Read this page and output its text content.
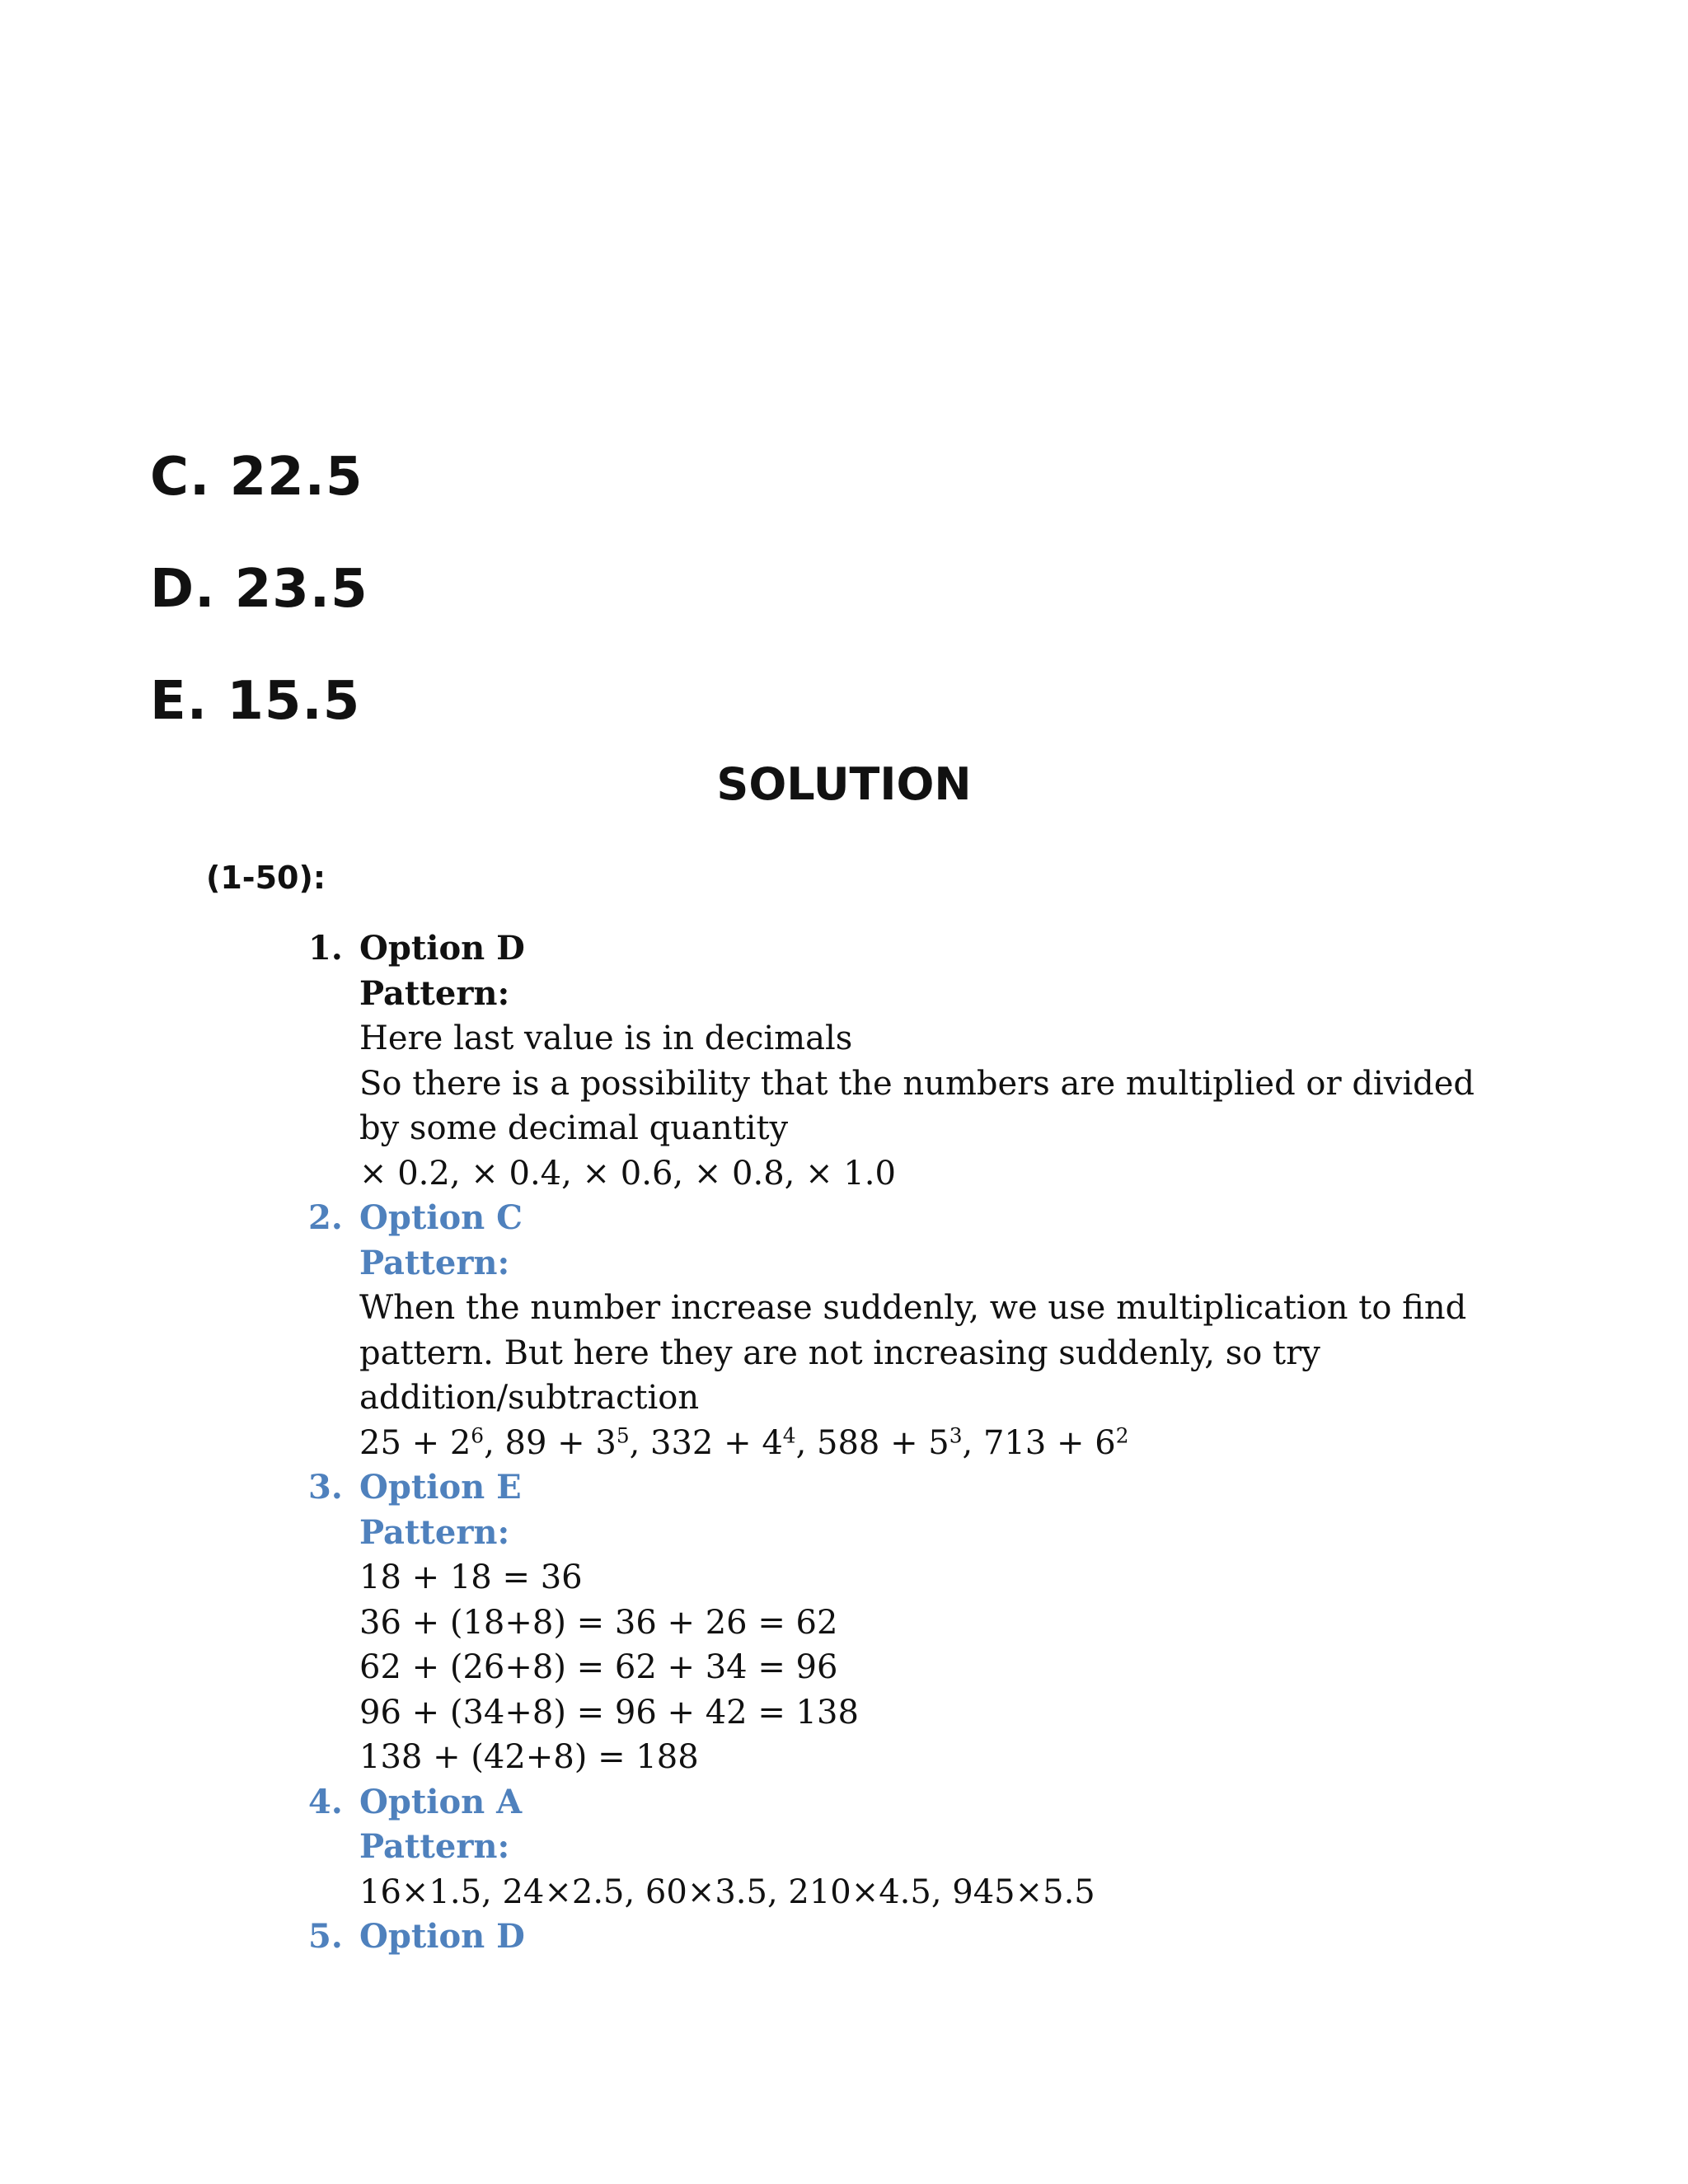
C. 22.5

D. 23.5

E. 15.5

SOLUTION

(1-50):

1. Option D
Pattern:
Here last value is in decimals
So there is a possibility that the numbers are multiplied or divided
by some decimal quantity
× 0.2, × 0.4, × 0.6, × 0.8, × 1.0
2. Option C
Pattern:
When the number increase suddenly, we use multiplication to find
pattern. But here they are not increasing suddenly, so try
addition/subtraction
$25 + 2^6$, $89 + 3^5$, $332 + 4^4$, $588 + 5^3$, $713 + 6^2$
3. Option E
Pattern:
18 + 18 = 36
36 + (18+8) = 36 + 26 = 62
62 + (26+8) = 62 + 34 = 96
96 + (34+8) = 96 + 42 = 138
138 + (42+8) = 188
4. Option A
Pattern:
16×1.5, 24×2.5, 60×3.5, 210×4.5, 945×5.5
5. Option D
